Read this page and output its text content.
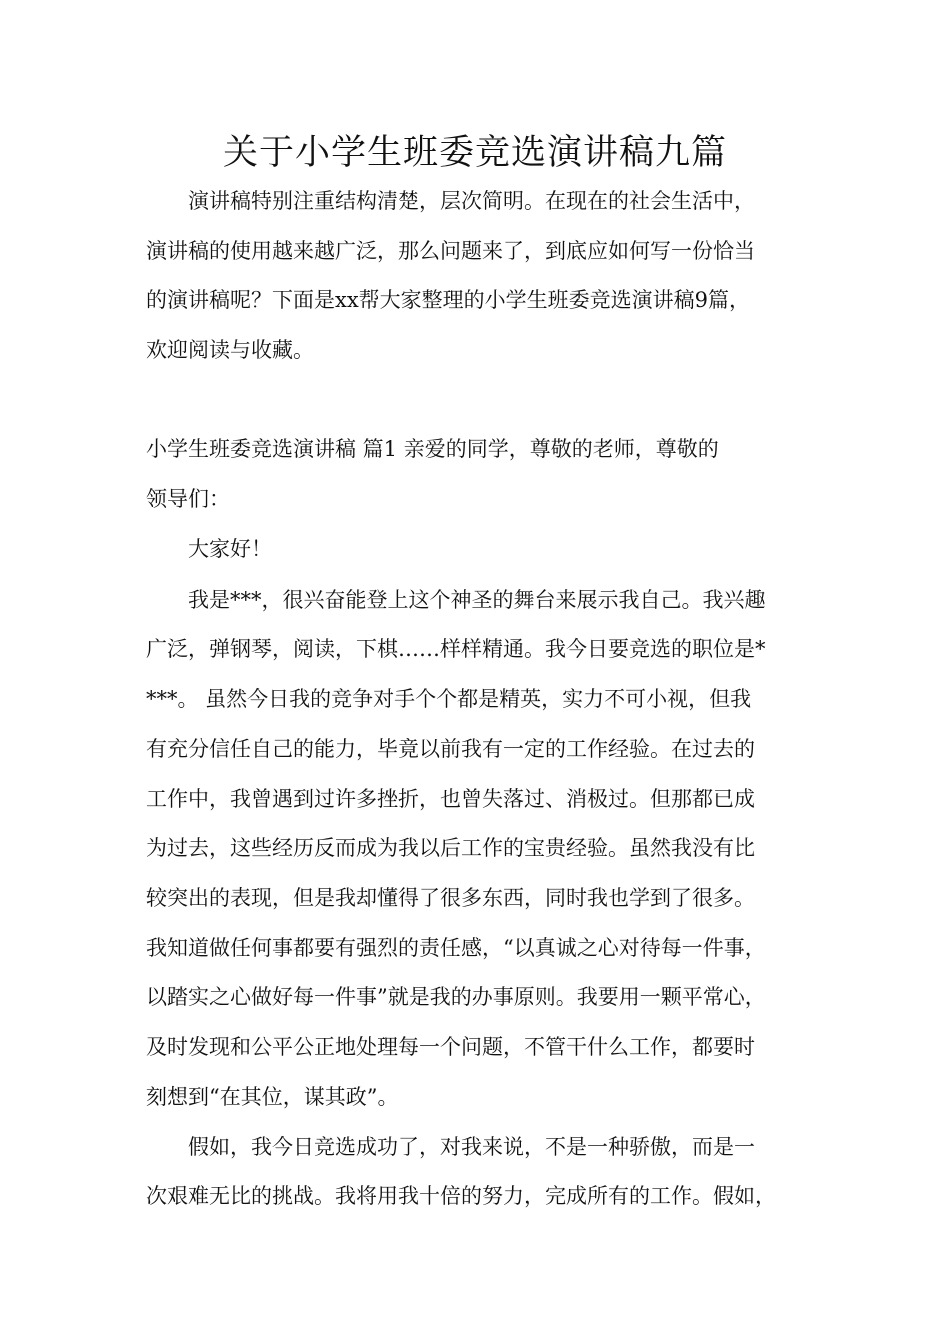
关于小学生班委竞选演讲稿九篇
演讲稿特别注重结构清楚，层次简明。在现在的社会生活中，
演讲稿的使用越来越广泛，那么问题来了，到底应如何写一份恰当
的演讲稿呢？下面是xx帮大家整理的小学生班委竞选演讲稿9篇，
欢迎阅读与收藏。
小学生班委竞选演讲稿 篇1 亲爱的同学，尊敬的老师，尊敬的
领导们：
大家好！
我是***，很兴奋能登上这个神圣的舞台来展示我自己。我兴趣
广泛，弹钢琴，阅读，下棋……样样精通。我今日要竞选的职位是*
***。 虽然今日我的竞争对手个个都是精英，实力不可小视，但我
有充分信任自己的能力，毕竟以前我有一定的工作经验。在过去的
工作中，我曾遇到过许多挫折，也曾失落过、消极过。但那都已成
为过去，这些经历反而成为我以后工作的宝贵经验。虽然我没有比
较突出的表现，但是我却懂得了很多东西，同时我也学到了很多。
我知道做任何事都要有强烈的责任感，“以真诚之心对待每一件事，
以踏实之心做好每一件事”就是我的办事原则。我要用一颗平常心，
及时发现和公平公正地处理每一个问题，不管干什么工作，都要时
刻想到“在其位，谋其政”。
假如，我今日竞选成功了，对我来说，不是一种骄傲，而是一
次艰难无比的挑战。我将用我十倍的努力，完成所有的工作。假如，
